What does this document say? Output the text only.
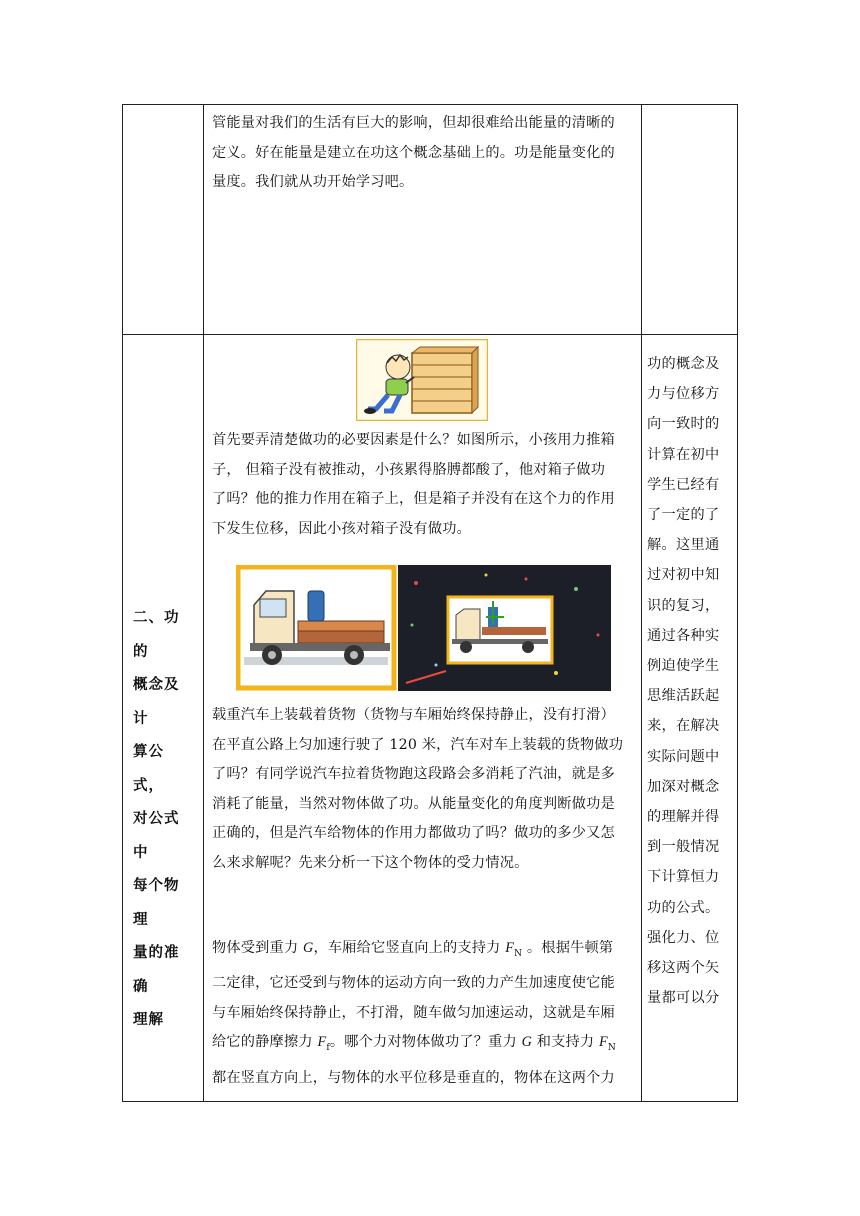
管能量对我们的生活有巨大的影响，但却很难给出能量的清晰的

定义。好在能量是建立在功这个概念基础上的。功是能量变化的

量度。我们就从功开始学习吧。

二、功 的
概念及计
算公式，
对公式中
每个物理
量的准确
理解

首先要弄清楚做功的必要因素是什么？如图所示，小孩用力推箱

子， 但箱子没有被推动，小孩累得胳膊都酸了，他对箱子做功

了吗？他的推力作用在箱子上，但是箱子并没有在这个力的作用

下发生位移，因此小孩对箱子没有做功。

载重汽车上装载着货物（货物与车厢始终保持静止，没有打滑）

在平直公路上匀加速行驶了 120 米，汽车对车上装载的货物做功

了吗？有同学说汽车拉着货物跑这段路会多消耗了汽油，就是多

消耗了能量，当然对物体做了功。从能量变化的角度判断做功是

正确的，但是汽车给物体的作用力都做功了吗？做功的多少又怎

么来求解呢？先来分析一下这个物体的受力情况。

物体受到重力 G，车厢给它竖直向上的支持力 $F_N$ 。根据牛顿第

二定律，它还受到与物体的运动方向一致的力产生加速度使它能

与车厢始终保持静止，不打滑，随车做匀加速运动，这就是车厢

给它的静摩擦力 $F_f$。哪个力对物体做功了？重力 G 和支持力 $F_N$

都在竖直方向上，与物体的水平位移是垂直的，物体在这两个力

功的概念及
力与位移方
向一致时的
计算在初中
学生已经有
了一定的了
解。这里通
过对初中知
识的复习，
通过各种实
例迫使学生
思维活跃起
来，在解决
实际问题中
加深对概念
的理解并得
到一般情况
下计算恒力
功的公式。
强化力、位
移这两个矢
量都可以分
